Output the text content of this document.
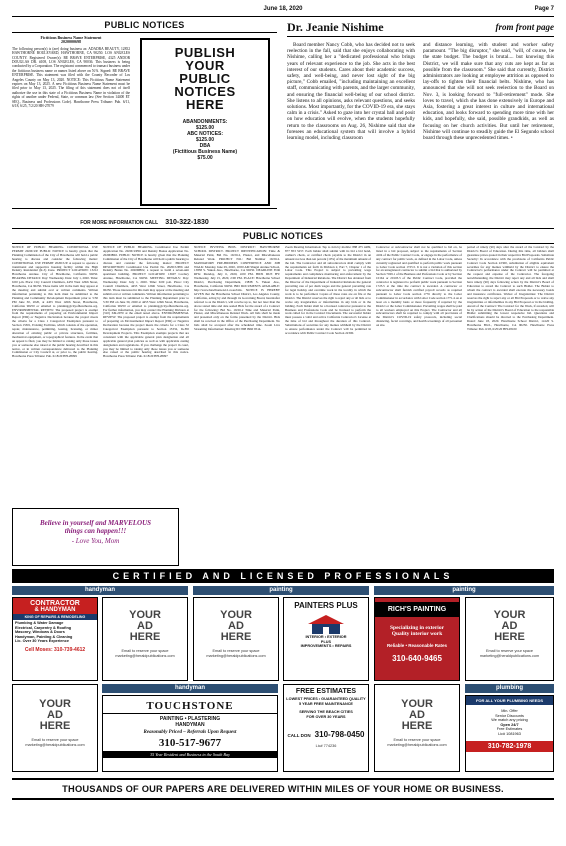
June 18, 2020	Page 7
PUBLIC NOTICES
Fictitious Business Name Statement
2020000698
The following person(s) is (are) doing business as: ADADRA BEAUTY, 12852 HAWTHORNE BOULEVARD, HAWTHORNE, CA 90250. LOS ANGELES COUNTY. Registered Owner(s): BE BRAVE ENTERPRISE, 4325 ANDOR DOUGLAS DR. #108, LOS ANGELES, CA 90036. This business is being conducted by a Corporation. The registrant commenced to transact business under the fictitious business name or names listed above on N/A. Signed: BE BRAVE ENTERPRISE. This statement was filed with the County Recorder of Los Angeles County on May 13, 2020. NOTICE: This Fictitious Name Statement expires on May 13, 2025. A new Fictitious Business Name Statement must be filed prior to May 13, 2025. The filing of this statement does not of itself authorize the use in this state of a Fictitious Business Name in violation of the rights of another under Federal, State, or common law (See Section 14400 ET SEQ., Business and Professions Code). Hawthorne Press Tribune: Pub. 6/11, 6/18, 6/25, 7/2/20 HH-27079
PUBLISH
YOUR
PUBLIC
NOTICES
HERE
ABANDONMENTS:
$125.00
ABC NOTICES:
$125.00
DBA
(Fictitious Business Name)
$75.00
FOR MORE INFORMATION CALL 310-322-1830
Dr. Jeanie Nishime	from front page
Board member Nancy Cobb, who has decided not to seek reelection in the fall, said that she enjoys collaborating with Nishime, calling her a "dedicated professional who brings years of relevant experience to the job. She acts in the best interest of our students. Cares about their academic success, safety, and well-being, and never lost sight of the big picture," Cobb emailed, "including maintaining an excellent staff, communicating with parents, and the larger community, and ensuring the financial well-being of our school district. She listens to all opinions, asks relevant questions, and seeks solutions. Most importantly, for the COVID-19 era, she stays calm in a crisis." Asked to gaze into her crystal ball and posit on how education will evolve, when the students hopefully return to the classrooms on Aug. 26, Nishime said that she foresees an educational system that will involve a hybrid learning model, including classroom
and distance learning, with student and worker safety paramount. "The big disruptor," she said, "will, of course, be the state budget. The budget is brutal.... but knowing this District, we will make sure that any cuts are kept as far as possible from the classroom." She said that currently, District administrators are looking at employee attrition as opposed to lay-offs to tighten their financial belts. Nishime, who has announced that she will not seek reelection to the Board on Nov. 3, is looking forward to "full-retirement" mode. She loves to travel, which she has done extensively in Europe and Asia, fostering a great interest in culture and international education, and looks forward to spending more time with her kids, and hopefully, she said, possible grandkids, as well as focusing on her church activities. But until her retirement, Nishime will continue to steadily guide the El Segundo school board through these unprecedented times. •
PUBLIC NOTICES
NOTICE OF PUBLIC HEARING. CONDITIONAL USE PERMIT 2020CUP. PUBLIC NOTICE is hereby given that the Planning Commission of the City of Hawthorne will hold a public hearing to discuss and consider the following matter: CONDITIONAL USE PERMIT 2020CUP. A request to operate a transitional and supportive housing facility within the High Density Residential (R-3) Zone. PROJECT LOCATION: 13212 Hawthorne Avenue. City of Hawthorne, California 90250. HEARING DETAILS: Day: Wednesday. Date: July 1, 2020. Time: 6:00 p.m. Place: City Council Chambers, 4455 West 126th Street, Hawthorne, CA 90250. These items will in the item may appear at the meeting and submit oral or written comments. Written information pertaining to this item must be submitted to the Planning and Community Development Department prior to 5:30 PM June 30, 2020, at 4455 West 126th Street, Hawthorne, California 90250 or emailed to planning@cityofhawthorne.org. ENVIRONMENTAL REVIEW: The proposed project is exempt from the requirements of preparing an Environmental Impact Report (EIR) or Negative Declaration because the project meets the criteria for a Class 1 Categorical Exemption pursuant to Section 15301, Existing Facilities, which consists of the operation, repair, maintenance, permitting, leasing, licensing, or minor alteration of existing public or private structures, facilities, mechanical equipment, or topographical features. In the event that an appeal is filed, you may be limited to raising only those issues you or someone else raised at the public hearing described in this notice, or in written correspondence delivered to the Planning Commission or City Council at, or prior to, the public hearing. Hawthorne Press Tribune: Pub. 6/18/20 HH-28099
NOTICE OF PUBLIC HEARING. Conditional Use Permit Application No. 2020CUP06 and Density Bonus Application No. 2020DB02. PUBLIC NOTICE is hereby given that the Planning Commission of the City of Hawthorne will hold a public hearing to discuss and consider the following matter: PROJECT DESCRIPTION: Conditional Use Permit No. 2020CUP06 and Density Bonus No. 2020DB02, a request to build a seven-unit apartment building. PROJECT LOCATION: 13607 Cordary Avenue, Hawthorne, CA 90250. MEETING DETAILS: Day: Wednesday. Date: July 1, 2020. Time: 6:00 p.m. Place: City Council Chambers, 4455 West 126th Street, Hawthorne, CA 90250. Those interested in this item may appear at the meeting and submit oral or written comments. Written information pertaining to this item must be submitted to the Planning Department prior to 5:30 PM on June 30, 2020 at 4455 West 126th Street, Hawthorne, California 90250 or emailed to planning@cityofhawthorne.org. For further information, you may contact the Planning Division at (310) 349-2970 at the email noted above. ENVIRONMENTAL REVIEW: The proposed project is exempt from the requirements of preparing an Environmental Impact Report (EIR) or Negative Declaration because the project meets the criteria for a Class 32 Categorical Exemption pursuant to Section 15332, In-Fill Development Projects. This Exemption exempts projects that are consistent with the applicable general plan designation and all applicable general plan policies as well as with applicable zoning designation and regulations. If you challenge the project in court, you may be limited to raising only those issues you or someone else raised at the public hearing described in this notice. Hawthorne Press Tribune: Pub. 6/18/20 HH-28097
NOTICE INVITING BIDS. DISTRICT: HAWTHORNE SCHOOL DISTRICT. PROJECT IDENTIFICATION: Time & Material Paint, Bid No. 19/20-2, Plaster, and Miscellaneous Related Work. PROJECT NO.: Bid Number 19/20-2. MANDATORY PRE-BIDDERS CONFERENCE AND JOB WALK: Monday, June 29, 2020, 10:00 AM Shugal Avenue School, 13838 S. Yukon Ave., Hawthorne, CA 90250. DEADLINE FOR RFIs: Monday, July 6, 2020, 4:00 PM. BIDS DUE BY: Wednesday, July 15, 2020, 2:00 PM. PLACE: Hawthorne School District, Purchasing Department, 13838 S. Yukon Ave., Hawthorne, California 90250. BID DOCUMENTS AVAILABLE: http://www.hawthorne.k12.ca.us/bids. NOTICE IS HEREBY GIVEN that the Hawthorne School District, Los Angeles County, California, acting by and through its Governing Board, hereinafter referred to as the District, will receive up to, but not later than the above stated time and date sealed Bids for the award of a Contract for the following: Bid No. 19/20-2 Time and Material Paint, Plaster, and Miscellaneous Related Work. All bids shall be made and presented only on the forms presented by the District. Bids shall be received in the Office of the Purchasing Department. No bids shall be accepted after the scheduled time. Zoom Live Streaming Information: Meeting ID: 898 0960 9514.
Zoom Meeting Information: Tap to Join by mobile: 888 475 4499, 877 853 5257. Each bidder shall submit with its bid a bid bond, cashier's check, or certified check payable to the District in an amount not less than ten percent (10%) of the maximum amount of the bid. The Contractor and all subcontractors shall comply with the requirements set forth in Division 2, Part 7, Chapter 1 of the Labor Code. This Project is subject to prevailing wage requirements and compliance monitoring and enforcement by the Department of Industrial Relations. The District has obtained from the Director of the Department of Industrial Relations the general prevailing rate of per diem wages and the general prevailing rate for legal holiday and overtime work in the locality in which the work is to be performed. Copies of these rates are on file at the District. The District reserves the right to reject any or all bids or to waive any irregularities or informalities in any bids or in the bidding. Each bidder shall be a licensed contractor pursuant to the Business and Professions Code and be licensed to perform the work called for in the Contract Documents. The successful bidder must possess a valid and active California Contractor's License at the time of bid and throughout the duration of this Contract. Substitutions of securities for any monies withheld by the District to ensure performance under the Contract will be permitted in accordance with Public Contract Code Section 22300.
Contractor or subcontractor shall not be qualified to bid on, be listed in a bid proposal, subject to the requirements of Section 4104 of the Public Contract Code, or engage in the performance of any contract for public work, as defined in the Labor Code, unless currently registered and qualified to perform public work pursuant to Labor Code section 1725.5. It is not a violation of this section for an unregistered contractor to submit a bid that is authorized by Section 7029.1 of the Business and Professions Code or by Section 10164 or 20103.5 of the Public Contract Code, provided the contractor is registered to perform public work pursuant to Section 1725.5 at the time the contract is awarded. A contractor or subcontractor shall furnish certified payroll records as required pursuant to Labor Code section 1776 directly to the Labor Commissioner in accordance with Labor Code section 1771.4 on at least on a monthly basis or more frequently if required by the District or the Labor Commissioner. Prevailing wages shall be paid to all workers employed on this Project. The Contractor and all subcontractors shall be required to comply with all provisions of the District's COVID-19 safety protocols, including social distancing, facial coverings, and health screenings of all personnel on site.
period of ninety (90) days after the award of the Contract by the District's Board of Education. During this time, all bidders shall guarantee prices quoted in their respective Bid Proposals. Substitute Security: In accordance with the provisions of California Public Contract Code Section 22300, substitution of eligible equivalent securities for any monies withheld by the District to ensure the Contractor's performance under the Contract will be permitted at the request and expense of the Contractor. The foregoing notwithstanding, the District may reject any and all bids and shall have ninety (90) days following action by the District's Board of Education to award the Contract to such Bidder. The Bidder to whom the contract is awarded shall execute the necessary bonds and insurance certificates. Waiver of Irregularities: The District reserves the right to reject any or all Bid Proposals or to waive any irregularities or informalities in any Bid Proposal or in the bidding. Award of the Contract: The Contract for the Work, if awarded, will be by action of the District's Board of Education to the responsible Bidder submitting the lowest responsive bid. Questions and Clarifications should be directed to the Purchasing Department. Dated: June 18, 2020. Hawthorne School District, 14120 S. Hawthorne Blvd., Hawthorne, CA 90250. Hawthorne Press Tribune: Pub. 6/18, 6/25/20 HH-28100
Believe in yourself and MARVELOUS
things can happen!!!
- Love You, Mom
CERTIFIED AND LICENSED PROFESSIONALS
handyman	painting	painting
CONTRACTOR
& HANDYMAN
KING OF REPAIRS & REMODELING
Plumbing & Water Damage
Electrical, Carpentry & Roofing
Masonry, Windows & Doors
Handyman, Painting & Cleaning
Lic. Over 30 Years Experience
Cell Moses: 310-739-4612
YOUR
AD
HERE
Email to reserve your space marketing@heraldpublications.com
YOUR
AD
HERE
Email to reserve your space marketing@heraldpublications.com
PAINTERS PLUS
INTERIOR • EXTERIOR
PLUS
IMPROVEMENTS • REPAIRS
RICH'S PAINTING
Specializing in exterior
Quality interior work
Reliable • Reasonable Rates
310-640-9465
YOUR
AD
HERE
Email to reserve your space marketing@heraldpublications.com
handyman
YOUR
AD
HERE
Email to reserve your space marketing@heraldpublications.com
TOUCHSTONE
PAINTING • PLASTERING
HANDYMAN
Reasonably Priced – Referrals Upon Request
310-517-9677
35 Year Resident and Business in the South Bay
FREE ESTIMATES
LOWEST PRICES • GUARANTEED QUALITY
5 YEAR FREE MAINTENANCE
SERVING THE BEACH CITIES
FOR OVER 30 YEARS
CALL DON 310-798-0450
Lic# 774236
YOUR
AD
HERE
Email to reserve your space marketing@heraldpublications.com
plumbing
FOR ALL YOUR PLUMBING NEEDS
Min. Offer
Senior Discounts
We match any pricing
Open 24/7
Free Estimates
Lic# 1081963
310-782-1978
THOUSANDS OF OUR PAPERS ARE DELIVERED WITHIN MILES OF YOUR HOME OR BUSINESS.
